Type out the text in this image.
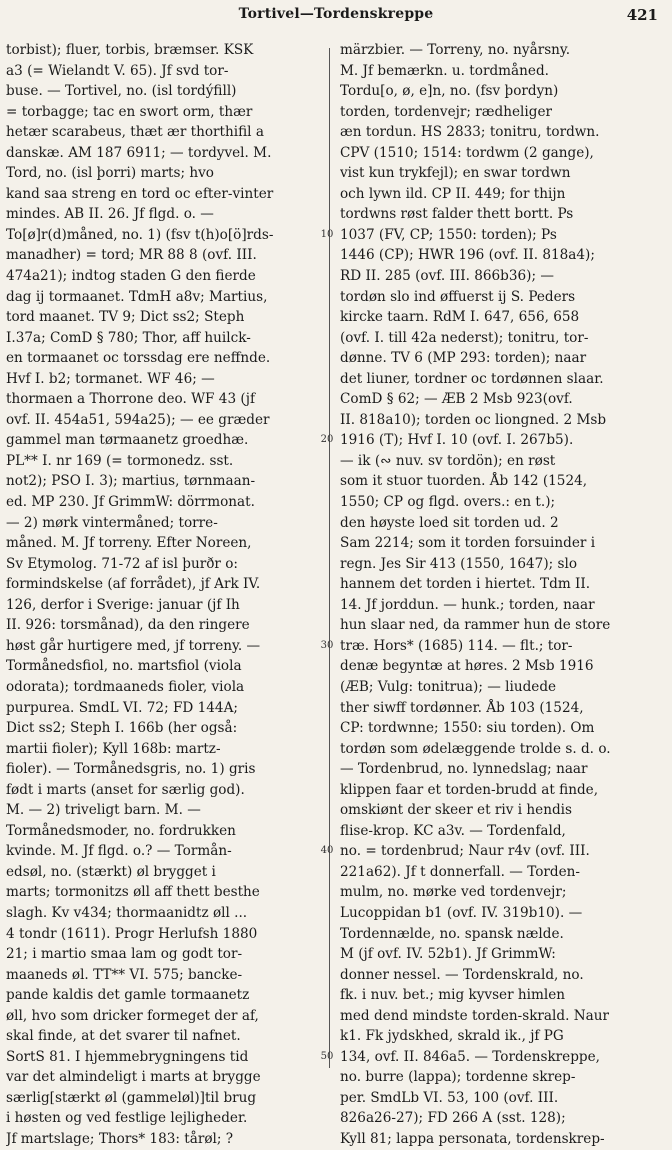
Tortivel—Tordenskreppe	421
torbist); fluer, torbis, bræmser. KSK
a3 (= Wielandt V. 65). Jf svd tor-
buse. — Tortivel, no. (isl tordýfill)
= torbagge; tac en swort orm, thær
hetær scarabeus, thæt ær thorthifil a
danskæ. AM 187 6911; — tordyvel. M.
Tord, no. (isl þorri) marts; hvo
kand saa streng en tord oc efter-vinter
mindes. AB II. 26. Jf flgd. o. —
To[ø]r(d)måned, no. 1) (fsv t(h)o[ö]rds-
manadher) = tord; MR 88 8 (ovf. III.
474a21); indtog staden G den fierde
dag ij tormaanet. TdmH a8v; Martius,
tord maanet. TV 9; Dict ss2; Steph
I.37a; ComD § 780; Thor, aff huilck-
en tormaanet oc torssdag ere neffnde.
Hvf I. b2; tormanet. WF 46; —
thormaen a Thorrone deo. WF 43 (jf
ovf. II. 454a51, 594a25); — ee græder
gammel man tørmaanetz groedhæ.
PL** I. nr 169 (= tormonedz. sst.
not2); PSO I. 3); martius, tørnmaan-
ed. MP 230. Jf GrimmW: dörrmonat.
— 2) mørk vintermåned; torre-
måned. M. Jf torreny. Efter Noreen,
Sv Etymolog. 71-72 af isl þurðr o:
formindskelse (af forrådet), jf Ark IV.
126, derfor i Sverige: januar (jf Ih
II. 926: torsmånad), da den ringere
høst går hurtigere med, jf torreny. —
Tormånedsfiol, no. martsfiol (viola
odorata); tordmaaneds fioler, viola
purpurea. SmdL VI. 72; FD 144A;
Dict ss2; Steph I. 166b (her også:
martii fioler); Kyll 168b: martz-
fioler). — Tormånedsgris, no. 1) gris
født i marts (anset for særlig god).
M. — 2) triveligt barn. M. —
Tormånedsmoder, no. fordrukken
kvinde. M. Jf flgd. o.? — Tormån-
edsøl, no. (stærkt) øl brygget i
marts; tormonitzs øll aff thett besthe
slagh. Kv v434; thormaanidtz øll ...
4 tondr (1611). Progr Herlufsh 1880
21; i martio smaa lam og godt tor-
maaneds øl. TT** VI. 575; bancke-
pande kaldis det gamle tormaanetz
øll, hvo som dricker formeget der af,
skal finde, at det svarer til nafnet.
SortS 81. I hjemmebrygningens tid
var det almindeligt i marts at brygge
særlig[stærkt øl (gammeløl)]til brug
i høsten og ved festlige lejligheder.
Jf martslage; Thors* 183: tårøl; ?
märzbier. — Torreny, no. nyårsny.
M. Jf bemærkn. u. tordmåned.
Tordu[o, ø, e]n, no. (fsv þordyn)
torden, tordenvejr; rædheliger
æn tordun. HS 2833; tonitru, tordwn.
CPV (1510; 1514: tordwm (2 gange),
vist kun trykfejl); en swar tordwn
och lywn ild. CP II. 449; for thijn
tordwns røst falder thett bortt. Ps
1037 (FV, CP; 1550: torden); Ps
1446 (CP); HWR 196 (ovf. II. 818a4);
RD II. 285 (ovf. III. 866b36); —
tordøn slo ind øffuerst ij S. Peders
kircke taarn. RdM I. 647, 656, 658
(ovf. I. till 42a nederst); tonitru, tor-
dønne. TV 6 (MP 293: torden); naar
det liuner, tordner oc tordønnen slaar.
ComD § 62; — ÆB 2 Msb 923(ovf.
II. 818a10); torden oc liongned. 2 Msb
1916 (T); Hvf I. 10 (ovf. I. 267b5).
— ik (∾ nuv. sv tordön); en røst
som it stuor tuorden. Åb 142 (1524,
1550; CP og flgd. overs.: en t.);
den høyste loed sit torden ud. 2
Sam 2214; som it torden forsuinder i
regn. Jes Sir 413 (1550, 1647); slo
hannem det torden i hiertet. Tdm II.
14. Jf jorddun. — hunk.; torden, naar
hun slaar ned, da rammer hun de store
træ. Hors* (1685) 114. — flt.; tor-
denæ begyntæ at høres. 2 Msb 1916
(ÆB; Vulg: tonitrua); — liudede
ther siwff tordønner. Åb 103 (1524,
CP: tordwnne; 1550: siu torden). Om
tordøn som ødelæggende trolde s. d. o.
— Tordenbrud, no. lynnedslag; naar
klippen faar et torden-brudd at finde,
omskiønt der skeer et riv i hendis
flise-krop. KC a3v. — Tordenfald,
no. = tordenbrud; Naur r4v (ovf. III.
221a62). Jf t donnerfall. — Torden-
mulm, no. mørke ved tordenvejr;
Lucoppidan b1 (ovf. IV. 319b10). —
Tordennælde, no. spansk nælde.
M (jf ovf. IV. 52b1). Jf GrimmW:
donner nessel. — Tordenskrald, no.
fk. i nuv. bet.; mig kyvser himlen
med dend mindste torden-skrald. Naur
k1. Fk jydskhed, skrald ik., jf PG
134, ovf. II. 846a5. — Tordenskreppe,
no. burre (lappa); tordenne skrep-
per. SmdLb VI. 53, 100 (ovf. III.
826a26-27); FD 266 A (sst. 128);
Kyll 81; lappa personata, tordenskrep-
10
20
30
40
50
